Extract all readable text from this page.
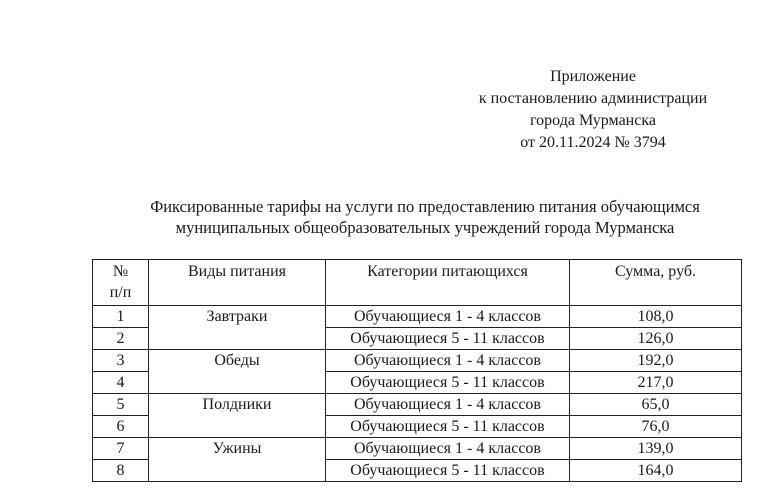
Приложение
к постановлению администрации
города Мурманска
от 20.11.2024 № 3794
Фиксированные тарифы на услуги по предоставлению питания обучающимся
муниципальных общеобразовательных учреждений города Мурманска
№
п/п	Виды питания	Категории питающихся	Сумма, руб.
1	Завтраки	Обучающиеся 1 - 4 классов	108,0
2		Обучающиеся 5 - 11 классов	126,0
3	Обеды	Обучающиеся 1 - 4 классов	192,0
4		Обучающиеся 5 - 11 классов	217,0
5	Полдники	Обучающиеся 1 - 4 классов	65,0
6		Обучающиеся 5 - 11 классов	76,0
7	Ужины	Обучающиеся 1 - 4 классов	139,0
8		Обучающиеся 5 - 11 классов	164,0
